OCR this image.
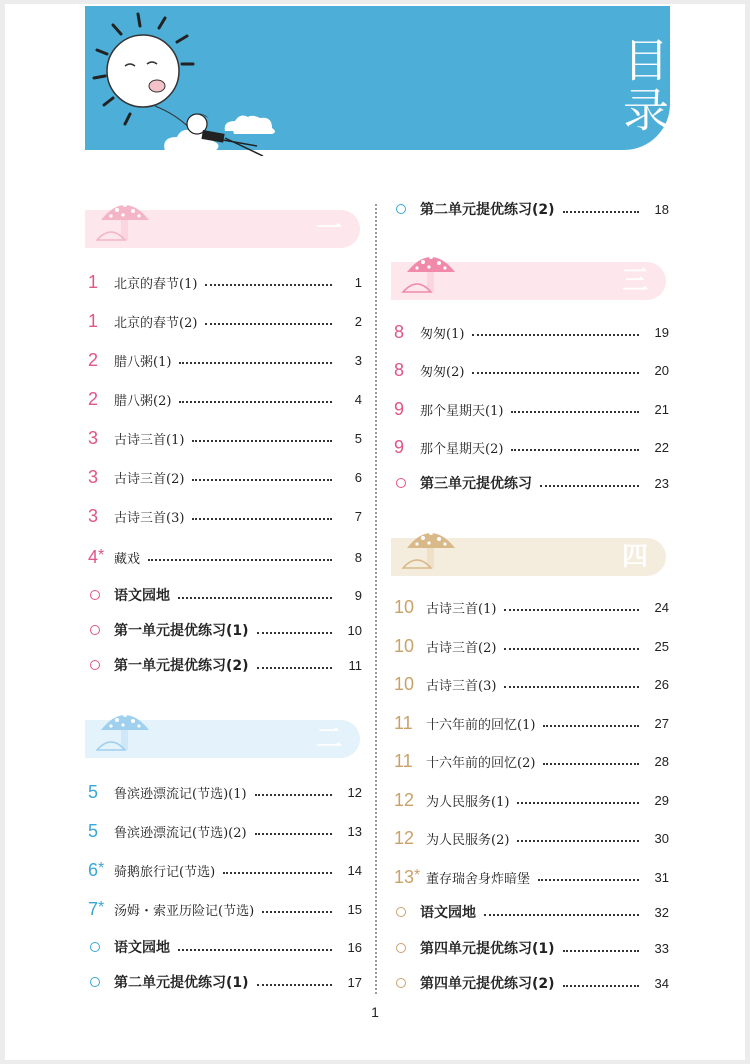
目录
一
二
三
四
1	北京的春节(1)	1
1	北京的春节(2)	2
2	腊八粥(1)	3
2	腊八粥(2)	4
3	古诗三首(1)	5
3	古诗三首(2)	6
3	古诗三首(3)	7
4* 藏戏	8
语文园地	9
第一单元提优练习(1)	10
第一单元提优练习(2)	11
5	鲁滨逊漂流记(节选)(1)	12
5	鲁滨逊漂流记(节选)(2)	13
6* 骑鹅旅行记(节选)	14
7* 汤姆・索亚历险记(节选)	15
语文园地	16
第二单元提优练习(1)	17
第二单元提优练习(2)	18
8	匆匆(1)	19
8	匆匆(2)	20
9	那个星期天(1)	21
9	那个星期天(2)	22
第三单元提优练习	23
10 古诗三首(1)	24
10 古诗三首(2)	25
10 古诗三首(3)	26
11	十六年前的回忆(1)	27
11	十六年前的回忆(2)	28
12 为人民服务(1)	29
12 为人民服务(2)	30
13* 董存瑞舍身炸暗堡	31
语文园地	32
第四单元提优练习(1)	33
第四单元提优练习(2)	34
1
